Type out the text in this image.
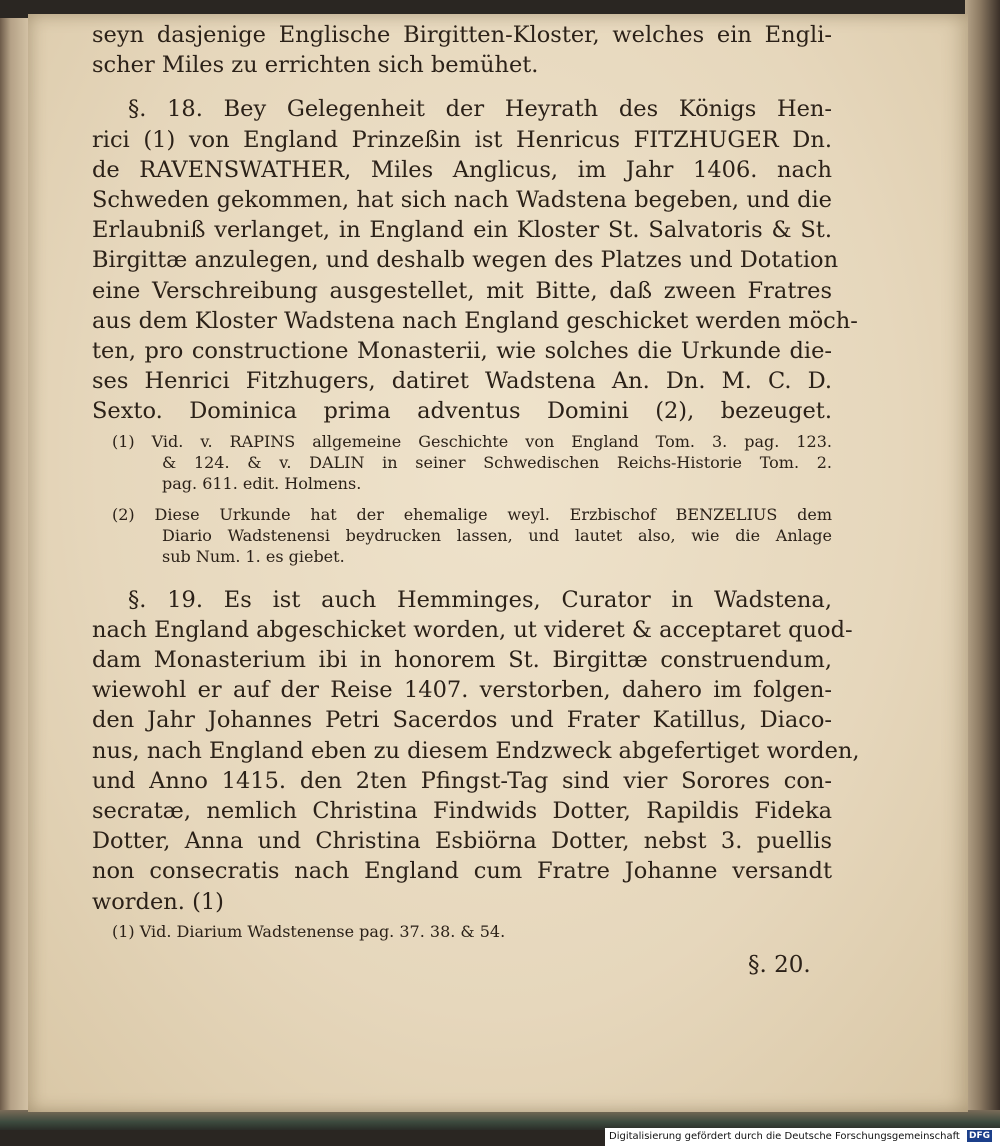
seyn dasjenige Englische Birgitten-Kloster, welches ein Engli-
scher Miles zu errichten sich bemühet.
§. 18. Bey Gelegenheit der Heyrath des Königs Hen-
rici (1) von England Prinzeßin ist Henricus FITZHUGER Dn.
de RAVENSWATHER, Miles Anglicus, im Jahr 1406. nach
Schweden gekommen, hat sich nach Wadstena begeben, und die
Erlaubniß verlanget, in England ein Kloster St. Salvatoris & St.
Birgittæ anzulegen, und deshalb wegen des Platzes und Dotation
eine Verschreibung ausgestellet, mit Bitte, daß zween Fratres
aus dem Kloster Wadstena nach England geschicket werden möch-
ten, pro constructione Monasterii, wie solches die Urkunde die-
ses Henrici Fitzhugers, datiret Wadstena An. Dn. M. C. D.
Sexto. Dominica prima adventus Domini (2), bezeuget.
(1) Vid. v. RAPINS allgemeine Geschichte von England Tom. 3. pag. 123.
& 124. & v. DALIN in seiner Schwedischen Reichs-Historie Tom. 2.
pag. 611. edit. Holmens.
(2) Diese Urkunde hat der ehemalige weyl. Erzbischof BENZELIUS dem
Diario Wadstenensi beydrucken lassen, und lautet also, wie die Anlage
sub Num. 1. es giebet.
§. 19. Es ist auch Hemminges, Curator in Wadstena,
nach England abgeschicket worden, ut videret & acceptaret quod-
dam Monasterium ibi in honorem St. Birgittæ construendum,
wiewohl er auf der Reise 1407. verstorben, dahero im folgen-
den Jahr Johannes Petri Sacerdos und Frater Katillus, Diaco-
nus, nach England eben zu diesem Endzweck abgefertiget worden,
und Anno 1415. den 2ten Pfingst-Tag sind vier Sorores con-
secratæ, nemlich Christina Findwids Dotter, Rapildis Fideka
Dotter, Anna und Christina Esbiörna Dotter, nebst 3. puellis
non consecratis nach England cum Fratre Johanne versandt
worden. (1)
(1) Vid. Diarium Wadstenense pag. 37. 38. & 54.
§. 20.
Digitalisierung gefördert durch die Deutsche Forschungsgemeinschaft DFG
